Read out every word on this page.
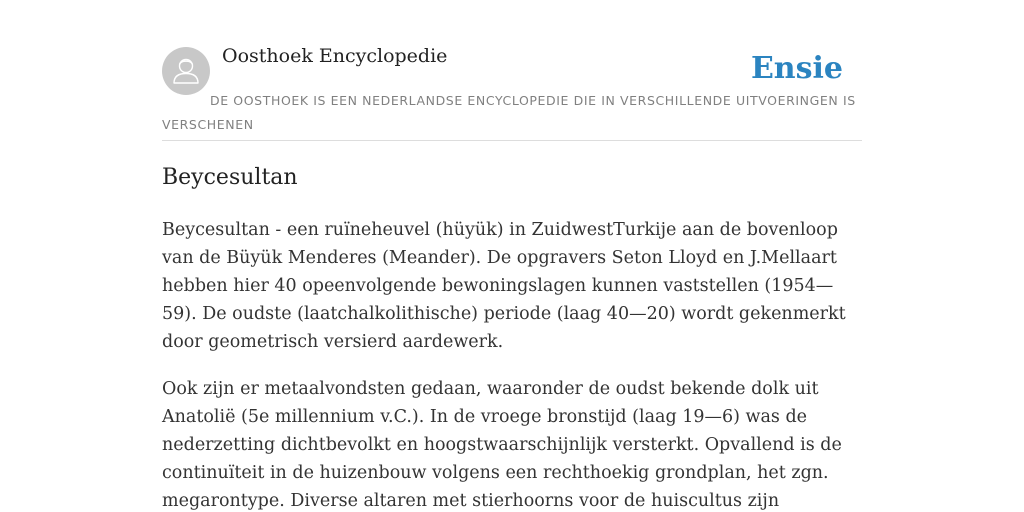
Oosthoek Encyclopedie	Ensie

DE OOSTHOEK IS EEN NEDERLANDSE ENCYCLOPEDIE DIE IN VERSCHILLENDE UITVOERINGEN IS VERSCHENEN

Beycesultan

Beycesultan - een ruïneheuvel (hüyük) in ZuidwestTurkije aan de bovenloop van de Büyük Menderes (Meander). De opgravers Seton Lloyd en J.Mellaart hebben hier 40 opeenvolgende bewoningslagen kunnen vaststellen (1954—59). De oudste (laatchalkolithische) periode (laag 40—20) wordt gekenmerkt door geometrisch versierd aardewerk.

Ook zijn er metaalvondsten gedaan, waaronder de oudst bekende dolk uit Anatolië (5e millennium v.C.). In de vroege bronstijd (laag 19—6) was de nederzetting dichtbevolkt en hoogstwaarschijnlijk versterkt. Opvallend is de continuïteit in de huizenbouw volgens een rechthoekig grondplan, het zgn. megarontype. Diverse altaren met stierhoorns voor de huiscultus zijn
